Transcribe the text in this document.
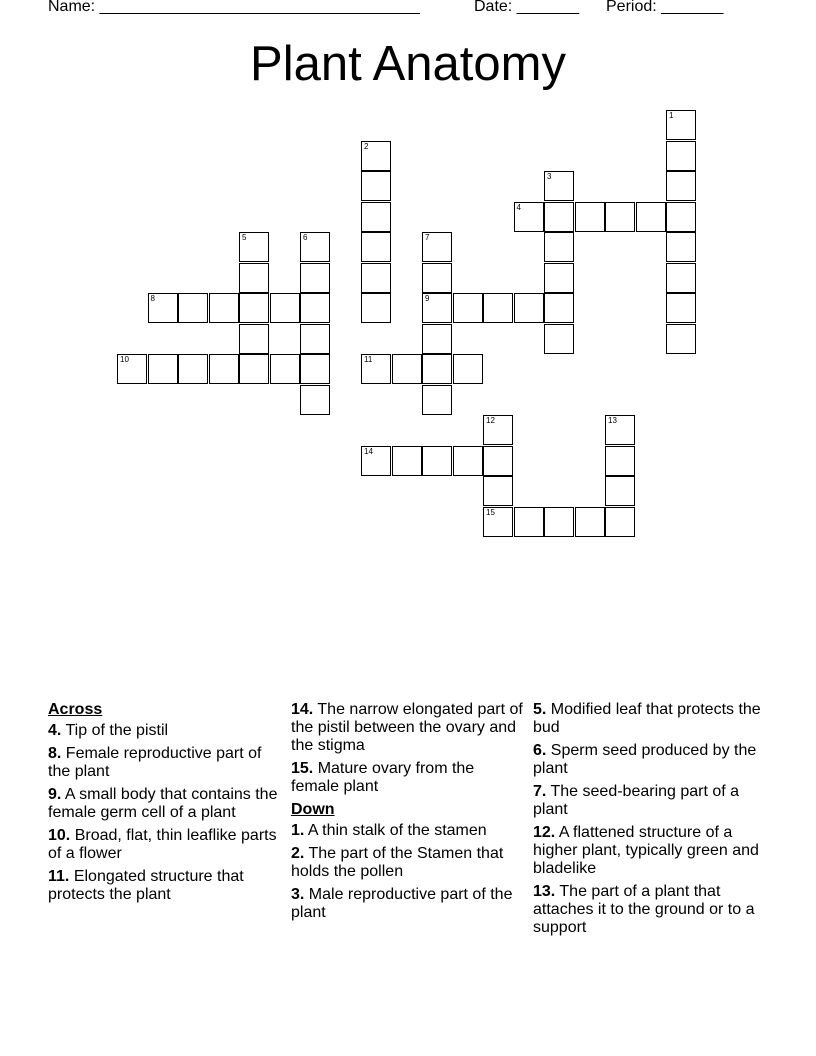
Name: ____________________________________	Date: _______ Period: _______
Plant Anatomy
1
2
3
4
5	6	7
9
8
10	11
12
15
13
14
Across
4. Tip of the pistil
8. Female reproductive part of the plant
9. A small body that contains the female germ cell of a plant
10. Broad, flat, thin leaflike parts of a flower
11. Elongated structure that protects the plant
14. The narrow elongated part of the pistil between the ovary and the stigma
15. Mature ovary from the female plant
Down
1. A thin stalk of the stamen
2. The part of the Stamen that holds the pollen
3. Male reproductive part of the plant
5. Modified leaf that protects the bud
6. Sperm seed produced by the plant
7. The seed-bearing part of a plant
12. A flattened structure of a higher plant, typically green and bladelike
13. The part of a plant that attaches it to the ground or to a support
